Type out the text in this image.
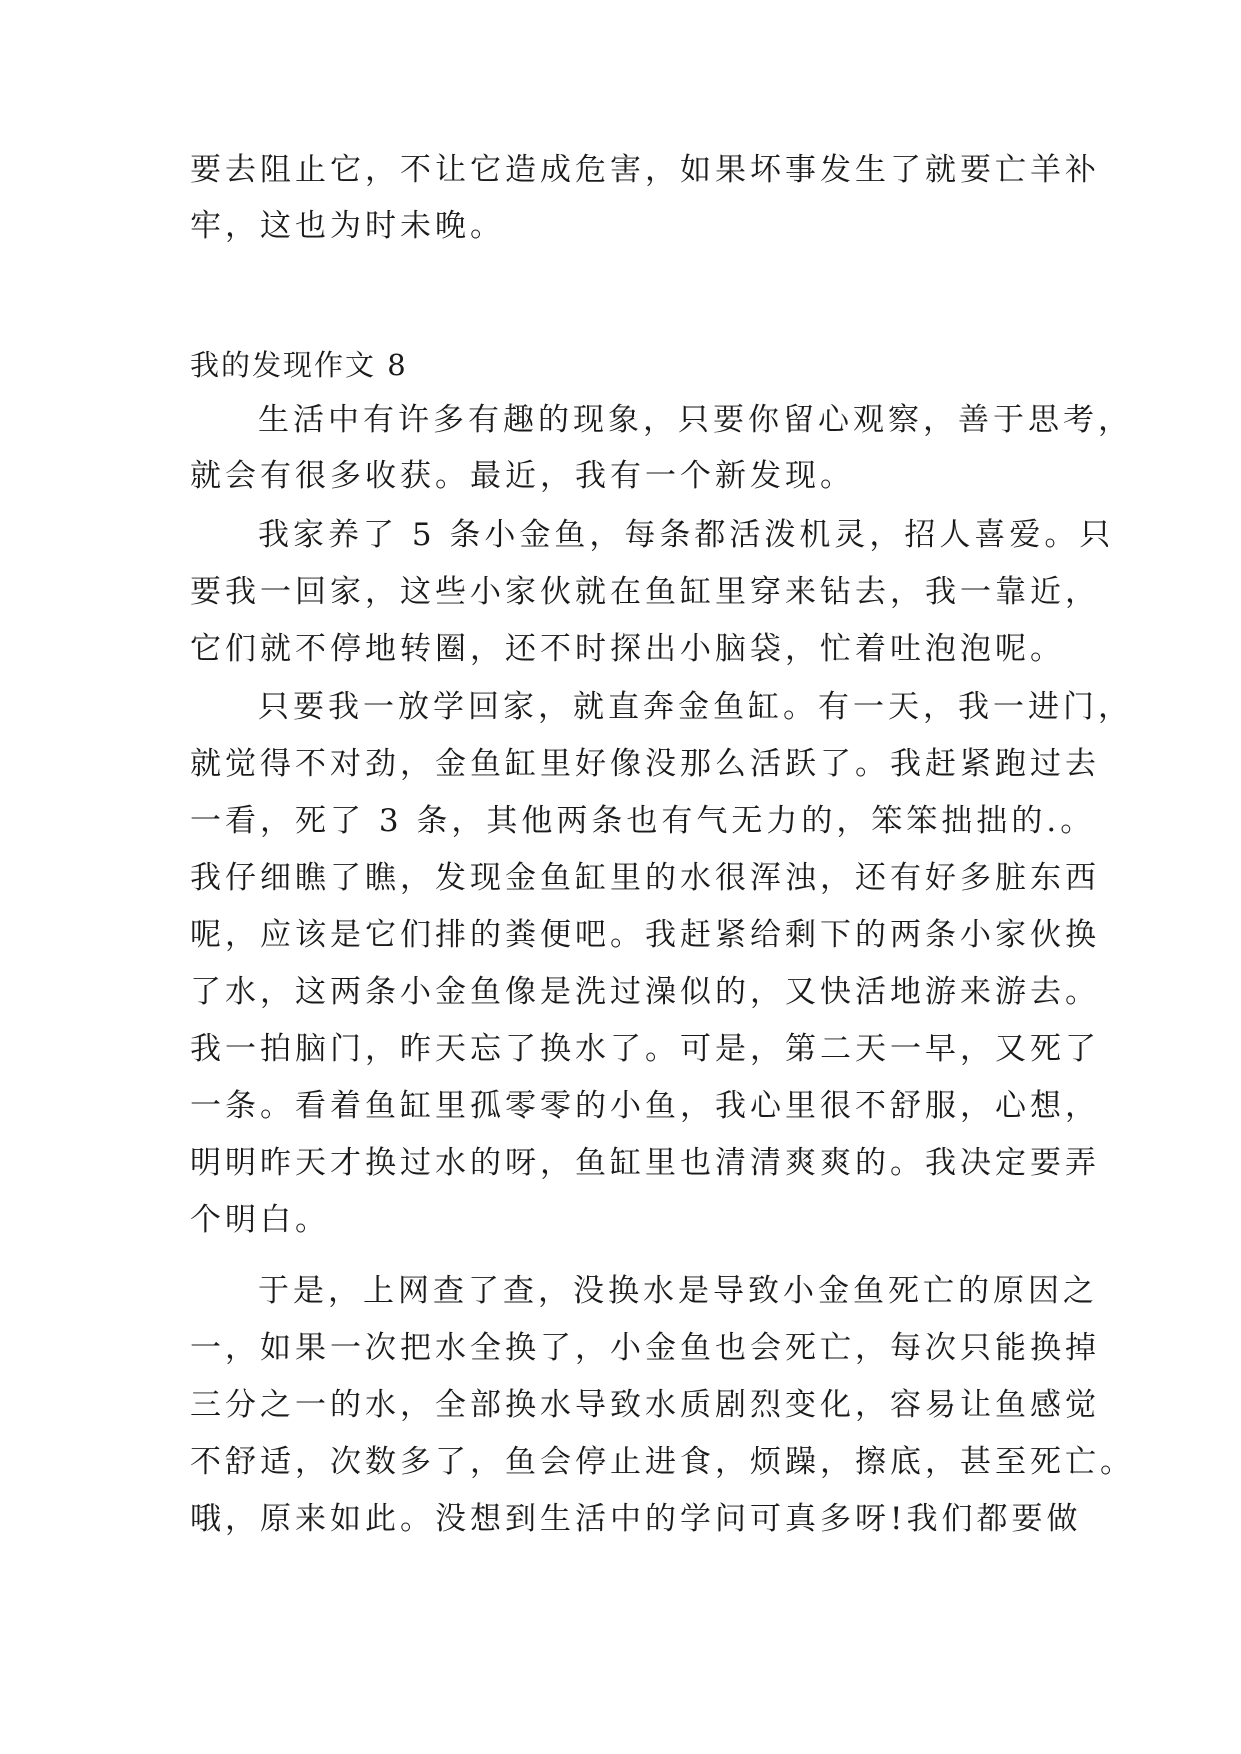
要去阻止它，不让它造成危害，如果坏事发生了就要亡羊补
牢，这也为时未晚。
我的发现作文 8
生活中有许多有趣的现象，只要你留心观察，善于思考，
就会有很多收获。最近，我有一个新发现。
我家养了 5 条小金鱼，每条都活泼机灵，招人喜爱。只
要我一回家，这些小家伙就在鱼缸里穿来钻去，我一靠近，
它们就不停地转圈，还不时探出小脑袋，忙着吐泡泡呢。
只要我一放学回家，就直奔金鱼缸。有一天，我一进门，
就觉得不对劲，金鱼缸里好像没那么活跃了。我赶紧跑过去
一看，死了 3 条，其他两条也有气无力的，笨笨拙拙的.。
我仔细瞧了瞧，发现金鱼缸里的水很浑浊，还有好多脏东西
呢，应该是它们排的粪便吧。我赶紧给剩下的两条小家伙换
了水，这两条小金鱼像是洗过澡似的，又快活地游来游去。
我一拍脑门，昨天忘了换水了。可是，第二天一早，又死了
一条。看着鱼缸里孤零零的小鱼，我心里很不舒服，心想，
明明昨天才换过水的呀，鱼缸里也清清爽爽的。我决定要弄
个明白。
于是，上网查了查，没换水是导致小金鱼死亡的原因之
一，如果一次把水全换了，小金鱼也会死亡，每次只能换掉
三分之一的水，全部换水导致水质剧烈变化，容易让鱼感觉
不舒适，次数多了，鱼会停止进食，烦躁，擦底，甚至死亡。
哦，原来如此。没想到生活中的学问可真多呀!我们都要做
